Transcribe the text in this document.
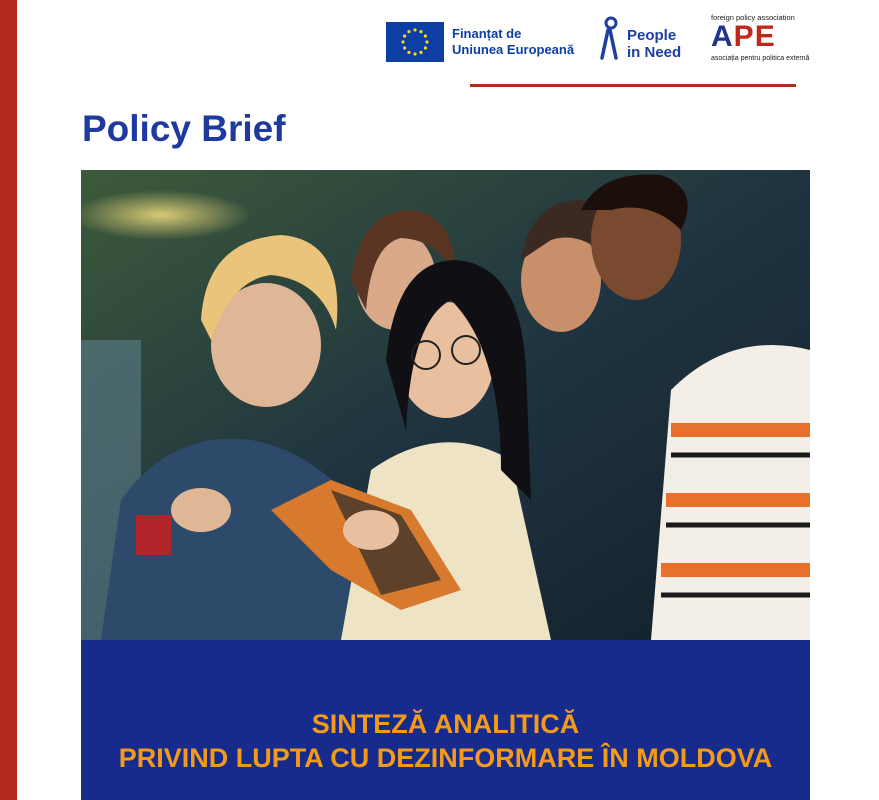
Finanțat de
Uniunea Europeană
People
in Need
foreign policy association
APE
asociația pentru politica externă
Policy Brief
SINTEZĂ ANALITICĂ
PRIVIND LUPTA CU DEZINFORMARE ÎN MOLDOVA
